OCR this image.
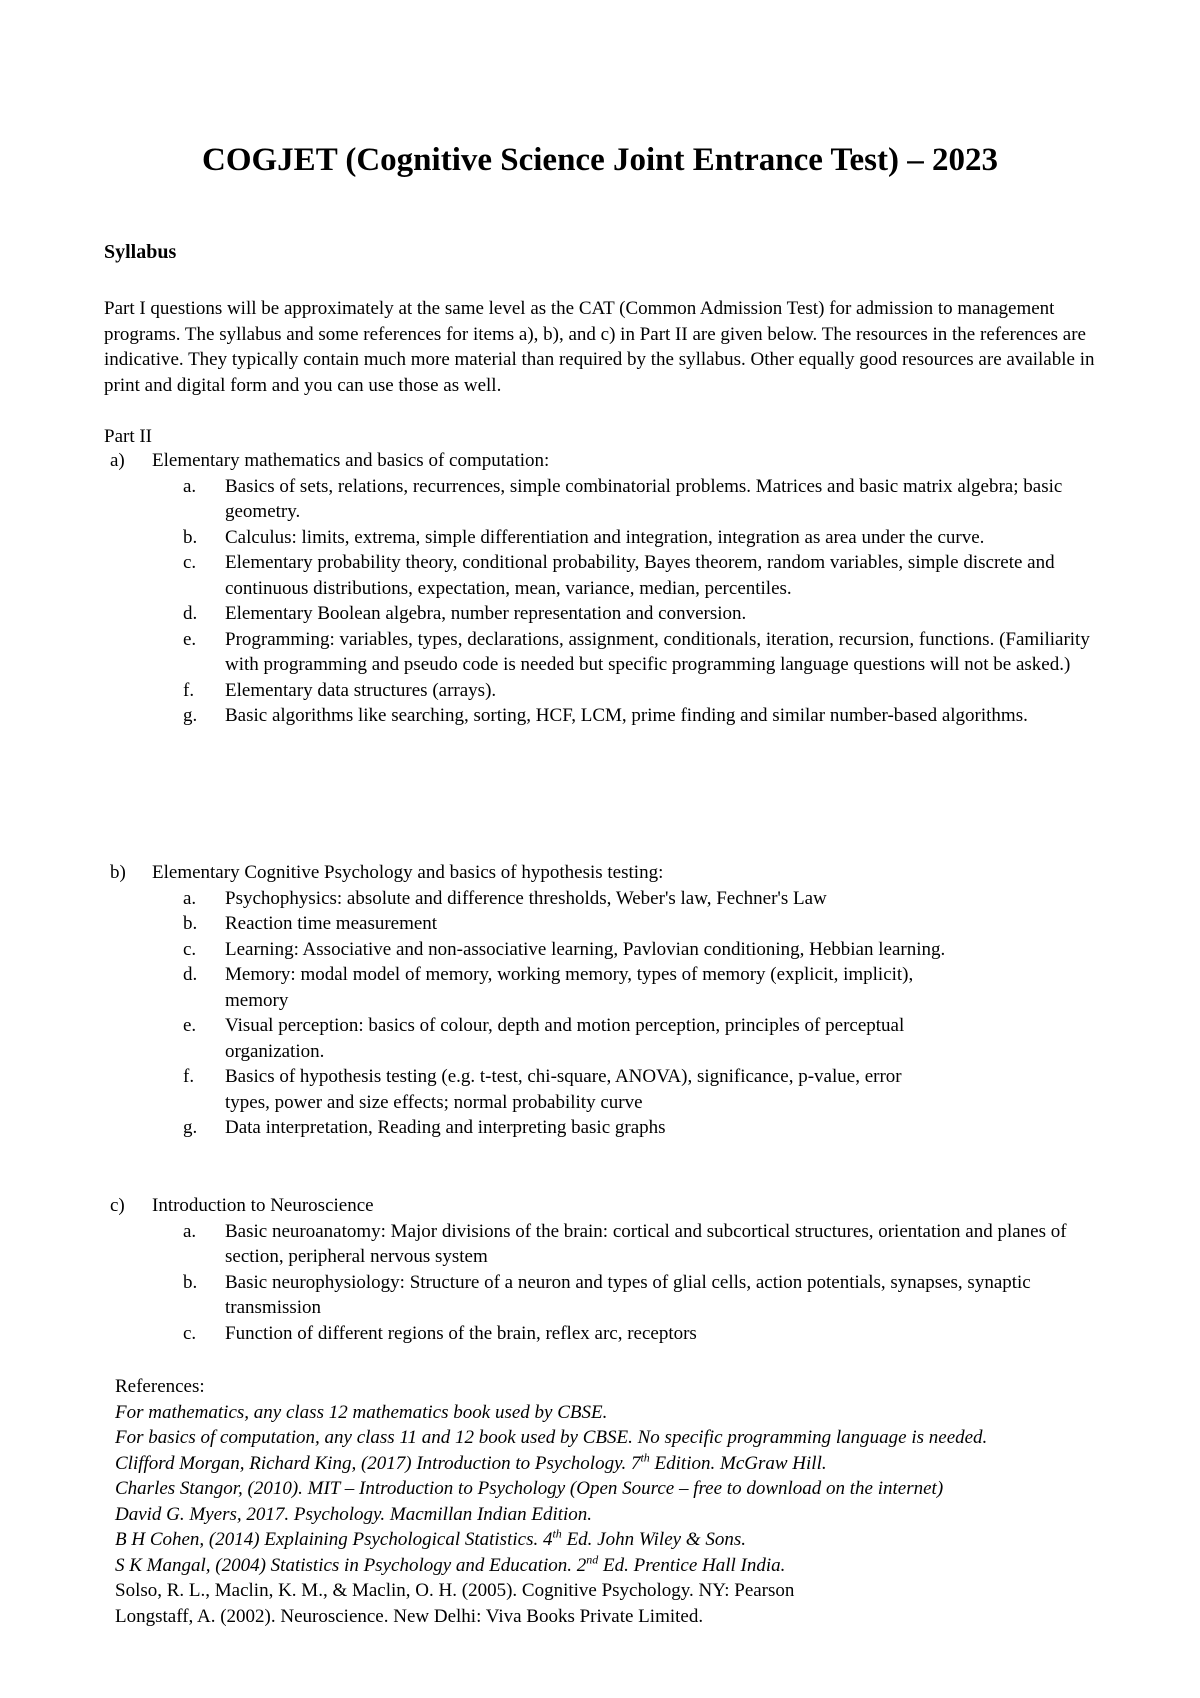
COGJET (Cognitive Science Joint Entrance Test) – 2023
Syllabus

Part I questions will be approximately at the same level as the CAT (Common Admission Test) for admission to management programs. The syllabus and some references for items a), b), and c) in Part II are given below. The resources in the references are indicative. They typically contain much more material than required by the syllabus. Other equally good resources are available in print and digital form and you can use those as well.

Part II

a)	Elementary mathematics and basics of computation:
a.	Basics of sets, relations, recurrences, simple combinatorial problems. Matrices and basic matrix algebra; basic geometry.
b.	Calculus: limits, extrema, simple differentiation and integration, integration as area under the curve.
c.	Elementary probability theory, conditional probability, Bayes theorem, random variables, simple discrete and continuous distributions, expectation, mean, variance, median, percentiles.
d.	Elementary Boolean algebra, number representation and conversion.
e.	Programming: variables, types, declarations, assignment, conditionals, iteration, recursion, functions. (Familiarity with programming and pseudo code is needed but specific programming language questions will not be asked.)
f.	Elementary data structures (arrays).
g.	Basic algorithms like searching, sorting, HCF, LCM, prime finding and similar number-based algorithms.
b)	Elementary Cognitive Psychology and basics of hypothesis testing:
a.	Psychophysics: absolute and difference thresholds, Weber's law, Fechner's Law
b.	Reaction time measurement
c.	Learning: Associative and non-associative learning, Pavlovian conditioning, Hebbian learning.
d.	Memory: modal model of memory, working memory, types of memory (explicit, implicit), memory
e.	Visual perception: basics of colour, depth and motion perception, principles of perceptual organization.
f.	Basics of hypothesis testing (e.g. t-test, chi-square, ANOVA), significance, p-value, error types, power and size effects; normal probability curve
g.	Data interpretation, Reading and interpreting basic graphs
c)	Introduction to Neuroscience
a.	Basic neuroanatomy: Major divisions of the brain: cortical and subcortical structures, orientation and planes of section, peripheral nervous system
b.	Basic neurophysiology: Structure of a neuron and types of glial cells, action potentials, synapses, synaptic transmission
c.	Function of different regions of the brain, reflex arc, receptors
References:
For mathematics, any class 12 mathematics book used by CBSE.
For basics of computation, any class 11 and 12 book used by CBSE. No specific programming language is needed.
Clifford Morgan, Richard King, (2017) Introduction to Psychology. 7th Edition. McGraw Hill.
Charles Stangor, (2010). MIT – Introduction to Psychology (Open Source – free to download on the internet)
David G. Myers, 2017. Psychology. Macmillan Indian Edition.
B H Cohen, (2014) Explaining Psychological Statistics. 4th Ed. John Wiley & Sons.
S K Mangal, (2004) Statistics in Psychology and Education. 2nd Ed. Prentice Hall India.
Solso, R. L., Maclin, K. M., & Maclin, O. H. (2005). Cognitive Psychology. NY: Pearson
Longstaff, A. (2002). Neuroscience. New Delhi: Viva Books Private Limited.
